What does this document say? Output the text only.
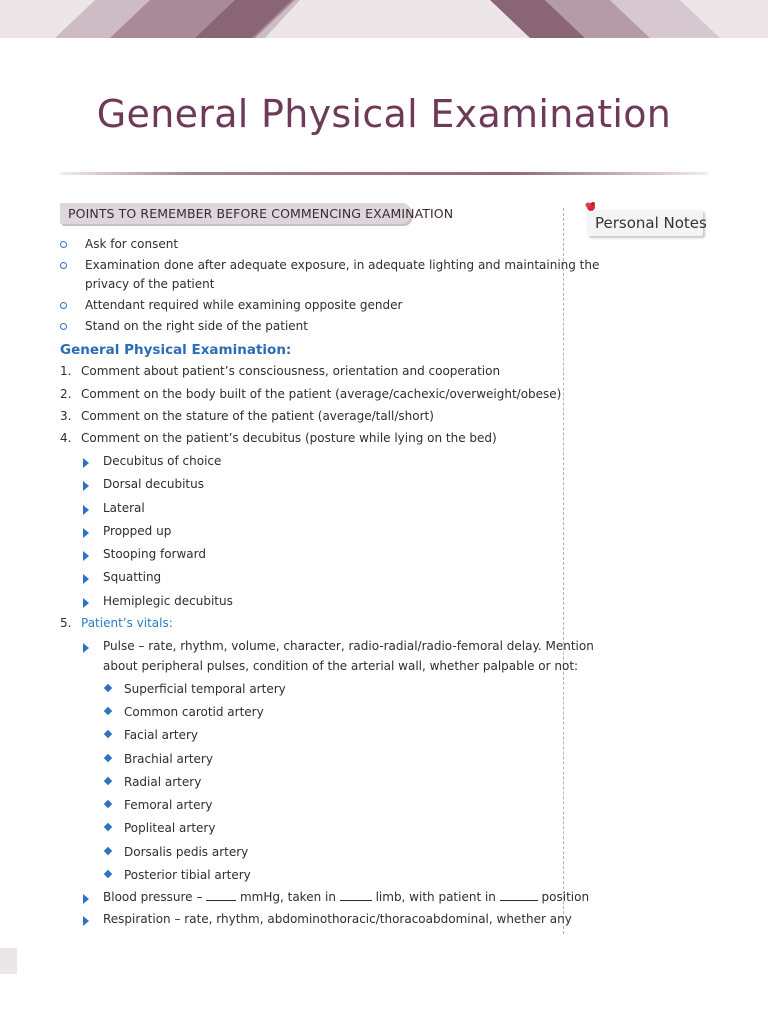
General Physical Examination
POINTS TO REMEMBER BEFORE COMMENCING EXAMINATION
Personal Notes
Ask for consent
Examination done after adequate exposure, in adequate lighting and maintaining the
privacy of the patient
Attendant required while examining opposite gender
Stand on the right side of the patient
General Physical Examination:
1. Comment about patient’s consciousness, orientation and cooperation
2. Comment on the body built of the patient (average/cachexic/overweight/obese)
3. Comment on the stature of the patient (average/tall/short)
4. Comment on the patient’s decubitus (posture while lying on the bed)
Decubitus of choice
Dorsal decubitus
Lateral
Propped up
Stooping forward
Squatting
Hemiplegic decubitus
5. Patient’s vitals:
Pulse – rate, rhythm, volume, character, radio-radial/radio-femoral delay. Mention
about peripheral pulses, condition of the arterial wall, whether palpable or not:
Superficial temporal artery
Common carotid artery
Facial artery
Brachial artery
Radial artery
Femoral artery
Popliteal artery
Dorsalis pedis artery
Posterior tibial artery
Blood pressure –	mmHg, taken in	limb, with patient in	position
Respiration – rate, rhythm, abdominothoracic/thoracoabdominal, whether any
